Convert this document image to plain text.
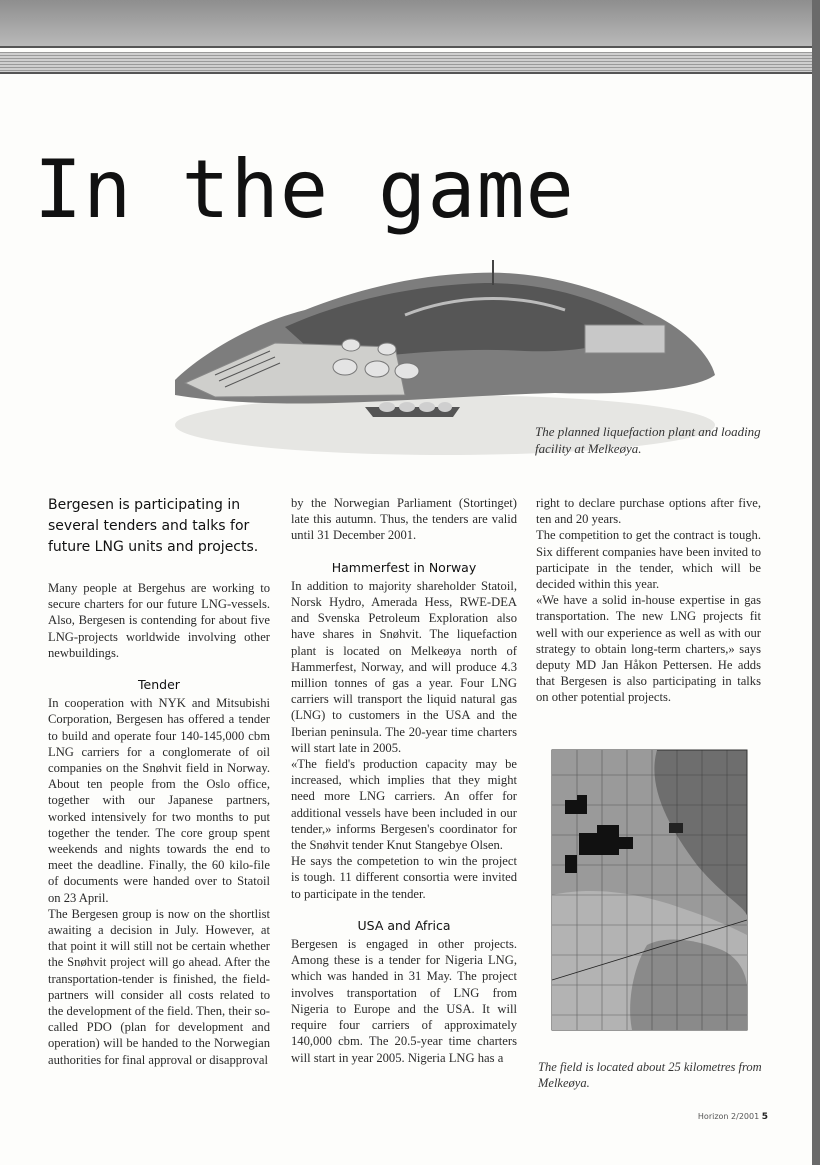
In the game

The planned liquefaction plant and loading facility at Melkeøya.

Bergesen is participating in several tenders and talks for future LNG units and projects.

Many people at Bergehus are working to secure charters for our future LNG-vessels. Also, Bergesen is contending for about five LNG-projects worldwide involving other newbuildings.

Tender

In cooperation with NYK and Mitsubishi Corporation, Bergesen has offered a tender to build and operate four 140-145,000 cbm LNG carriers for a conglomerate of oil companies on the Snøhvit field in Norway. About ten people from the Oslo office, together with our Japanese partners, worked intensively for two months to put together the tender. The core group spent weekends and nights towards the end to meet the deadline. Finally, the 60 kilo-file of documents were handed over to Statoil on 23 April.

The Bergesen group is now on the shortlist awaiting a decision in July. However, at that point it will still not be certain whether the Snøhvit project will go ahead. After the transportation-tender is finished, the field-partners will consider all costs related to the development of the field. Then, their so-called PDO (plan for development and operation) will be handed to the Norwegian authorities for final approval or disapproval

by the Norwegian Parliament (Stortinget) late this autumn. Thus, the tenders are valid until 31 December 2001.

Hammerfest in Norway

In addition to majority shareholder Statoil, Norsk Hydro, Amerada Hess, RWE-DEA and Svenska Petroleum Exploration also have shares in Snøhvit. The liquefaction plant is located on Melkeøya north of Hammerfest, Norway, and will produce 4.3 million tonnes of gas a year. Four LNG carriers will transport the liquid natural gas (LNG) to customers in the USA and the Iberian peninsula. The 20-year time charters will start late in 2005.

«The field's production capacity may be increased, which implies that they might need more LNG carriers. An offer for additional vessels have been included in our tender,» informs Bergesen's coordinator for the Snøhvit tender Knut Stangebye Olsen.

He says the competetion to win the project is tough. 11 different consortia were invited to participate in the tender.

USA and Africa

Bergesen is engaged in other projects. Among these is a tender for Nigeria LNG, which was handed in 31 May. The project involves transportation of LNG from Nigeria to Europe and the USA. It will require four carriers of approximately 140,000 cbm. The 20.5-year time charters will start in year 2005. Nigeria LNG has a

right to declare purchase options after five, ten and 20 years.

The competition to get the contract is tough. Six different companies have been invited to participate in the tender, which will be decided within this year.

«We have a solid in-house expertise in gas transportation. The new LNG projects fit well with our experience as well as with our strategy to obtain long-term charters,» says deputy MD Jan Håkon Pettersen. He adds that Bergesen is also participating in talks on other potential projects.

The field is located about 25 kilometres from Melkeøya.

Horizon 2/2001 5
